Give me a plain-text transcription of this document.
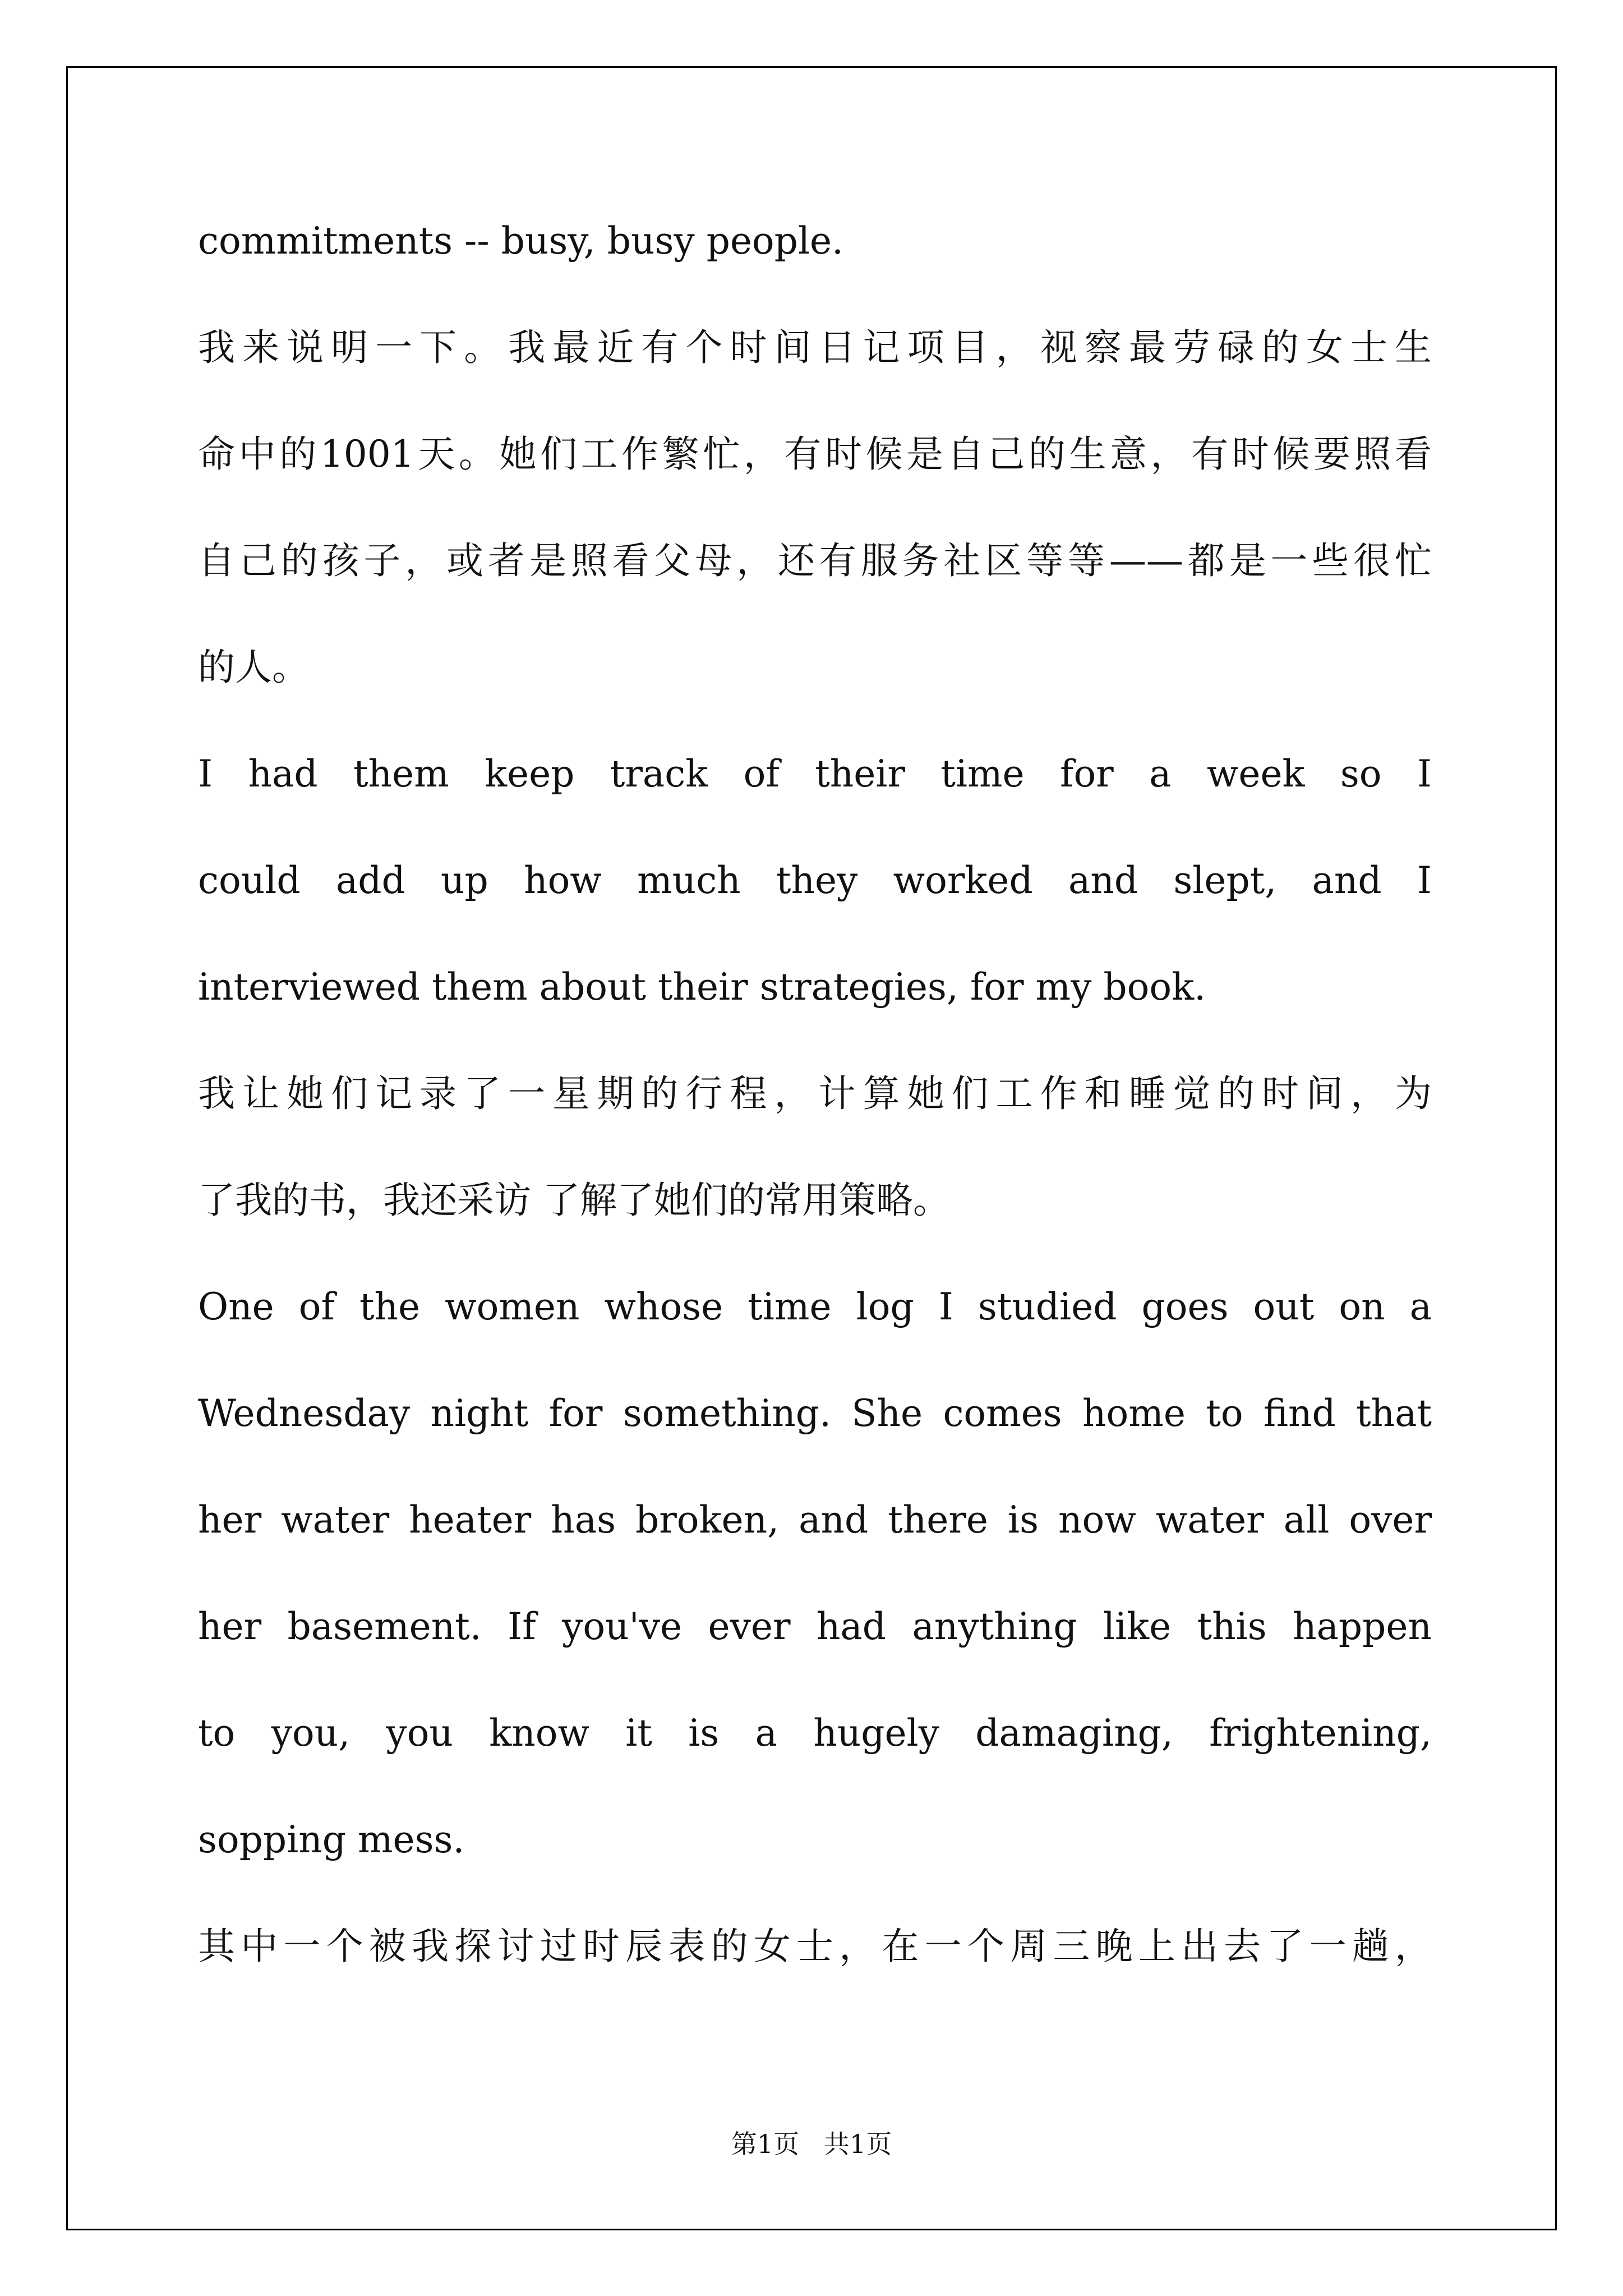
commitments -- busy, busy people.
我来说明一下。我最近有个时间日记项目，视察最劳碌的女士生
命中的1001天。她们工作繁忙，有时候是自己的生意，有时候要照看
自己的孩子，或者是照看父母，还有服务社区等等——都是一些很忙
的人。
I had them keep track of their time for a week so I
could add up how much they worked and slept, and I
interviewed them about their strategies, for my book.
我让她们记录了一星期的行程，计算她们工作和睡觉的时间，为
了我的书，我还采访 了解了她们的常用策略。
One of the women whose time log I studied goes out on a
Wednesday night for something. She comes home to find that
her water heater has broken, and there is now water all over
her basement. If you've ever had anything like this happen
to you, you know it is a hugely damaging, frightening,
sopping mess.
其中一个被我探讨过时辰表的女士，在一个周三晚上出去了一趟，
第1页   共1页
